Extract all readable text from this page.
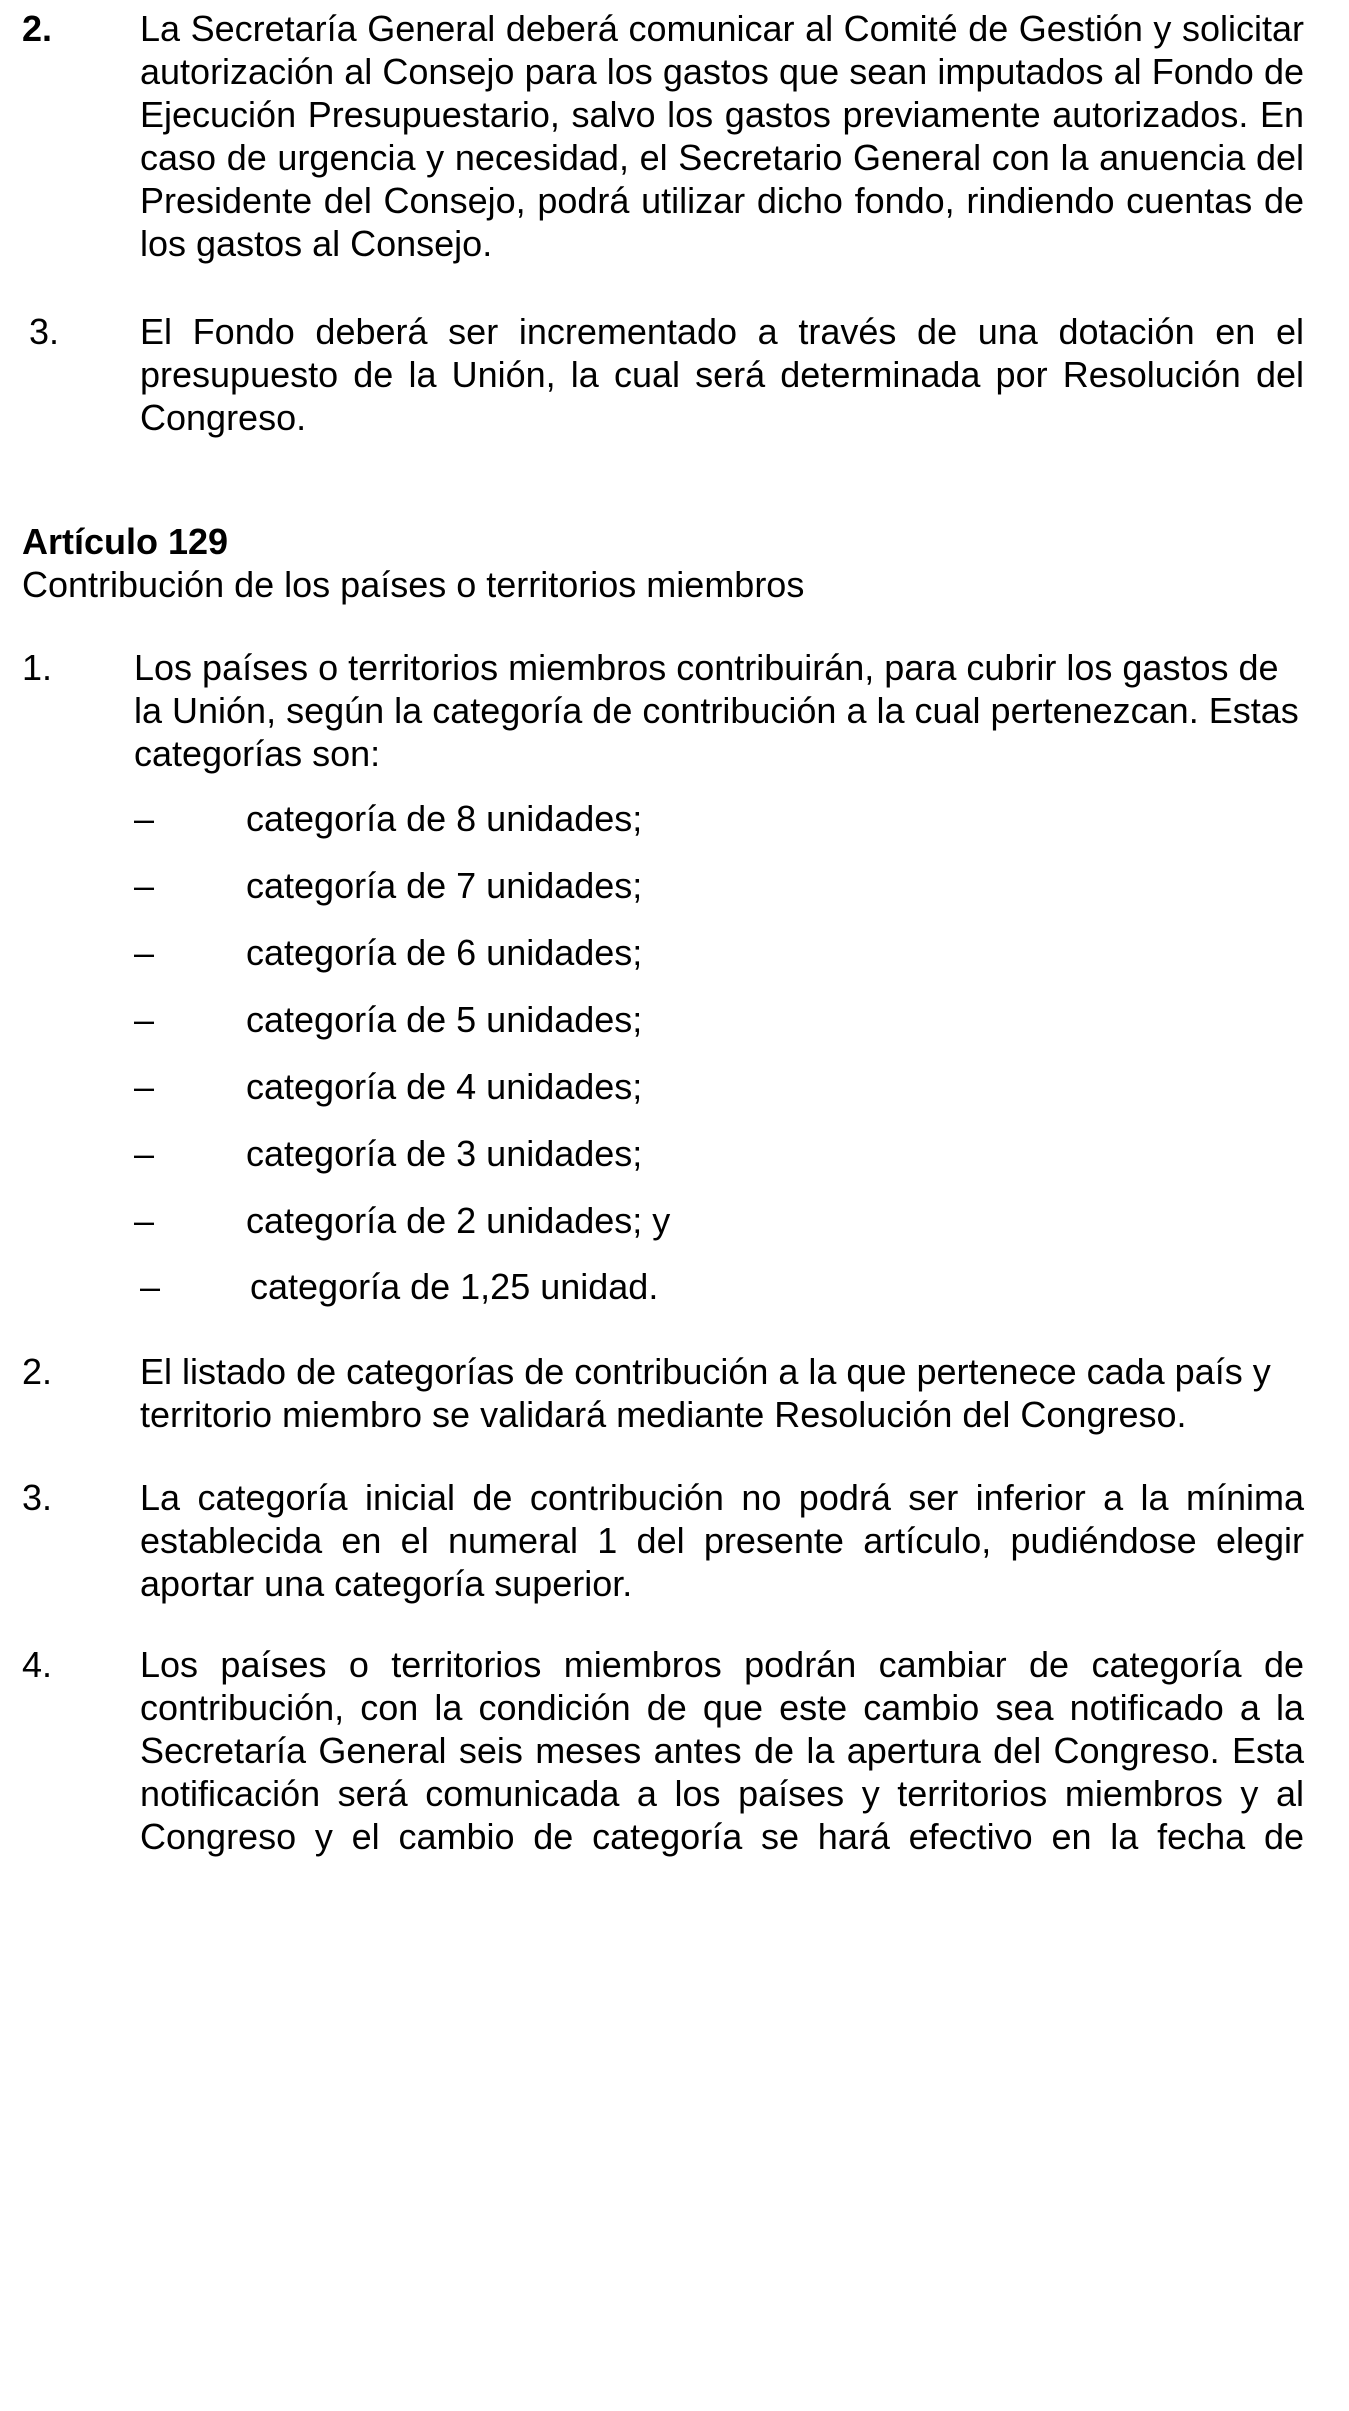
2. La Secretaría General deberá comunicar al Comité de Gestión y solicitar autorización al Consejo para los gastos que sean imputados al Fondo de Ejecución Presupuestario, salvo los gastos previamente autorizados. En caso de urgencia y necesidad, el Secretario General con la anuencia del Presidente del Consejo, podrá utilizar dicho fondo, rindiendo cuentas de los gastos al Consejo.
3. El Fondo deberá ser incrementado a través de una dotación en el presupuesto de la Unión, la cual será determinada por Resolución del Congreso.
Artículo 129
Contribución de los países o territorios miembros
1. Los países o territorios miembros contribuirán, para cubrir los gastos de la Unión, según la categoría de contribución a la cual pertenezcan. Estas categorías son:
–	categoría de 8 unidades;
–	categoría de 7 unidades;
–	categoría de 6 unidades;
–	categoría de 5 unidades;
–	categoría de 4 unidades;
–	categoría de 3 unidades;
–	categoría de 2 unidades; y
– categoría de 1,25 unidad.
2. El listado de categorías de contribución a la que pertenece cada país y territorio miembro se validará mediante Resolución del Congreso.
3. La categoría inicial de contribución no podrá ser inferior a la mínima establecida en el numeral 1 del presente artículo, pudiéndose elegir aportar una categoría superior.
4. Los países o territorios miembros podrán cambiar de categoría de contribución, con la condición de que este cambio sea notificado a la Secretaría General seis meses antes de la apertura del Congreso. Esta notificación será comunicada a los países y territorios miembros y al Congreso y el cambio de categoría se hará efectivo en la fecha de
